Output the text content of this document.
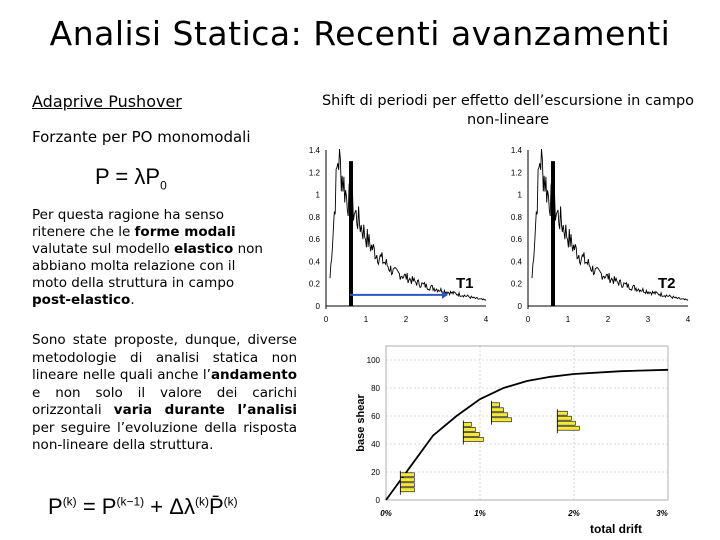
Analisi Statica: Recenti avanzamenti
Adaprive Pushover
Forzante per PO monomodali
$P = \lambda P_0$
Per questa ragione ha senso ritenere che le forme modali valutate sul modello elastico non abbiano molta relazione con il moto della struttura in campo post-elastico.
Sono state proposte, dunque, diverse metodologie di analisi statica non lineare nelle quali anche l’andamento e non solo il valore dei carichi orizzontali varia durante l’analisi per seguire l’evoluzione della risposta non-lineare della struttura.
$P^{(k)} = P^{(k-1)}$ + $\Delta\lambda^{(k)}P̄^{(k)}$
Shift di periodi per effetto dell’escursione in campo non-lineare
0
0.2
0.4
0.6
0.8
1
1.2
1.4
0	1	2	3	4
T1
0
0.2
0.4
0.6
0.8
1
1.2
1.4
0	1	2	3	4
T2
0
20
40
60
80
100
0%	1%	2%	3%
base shear
total drift
